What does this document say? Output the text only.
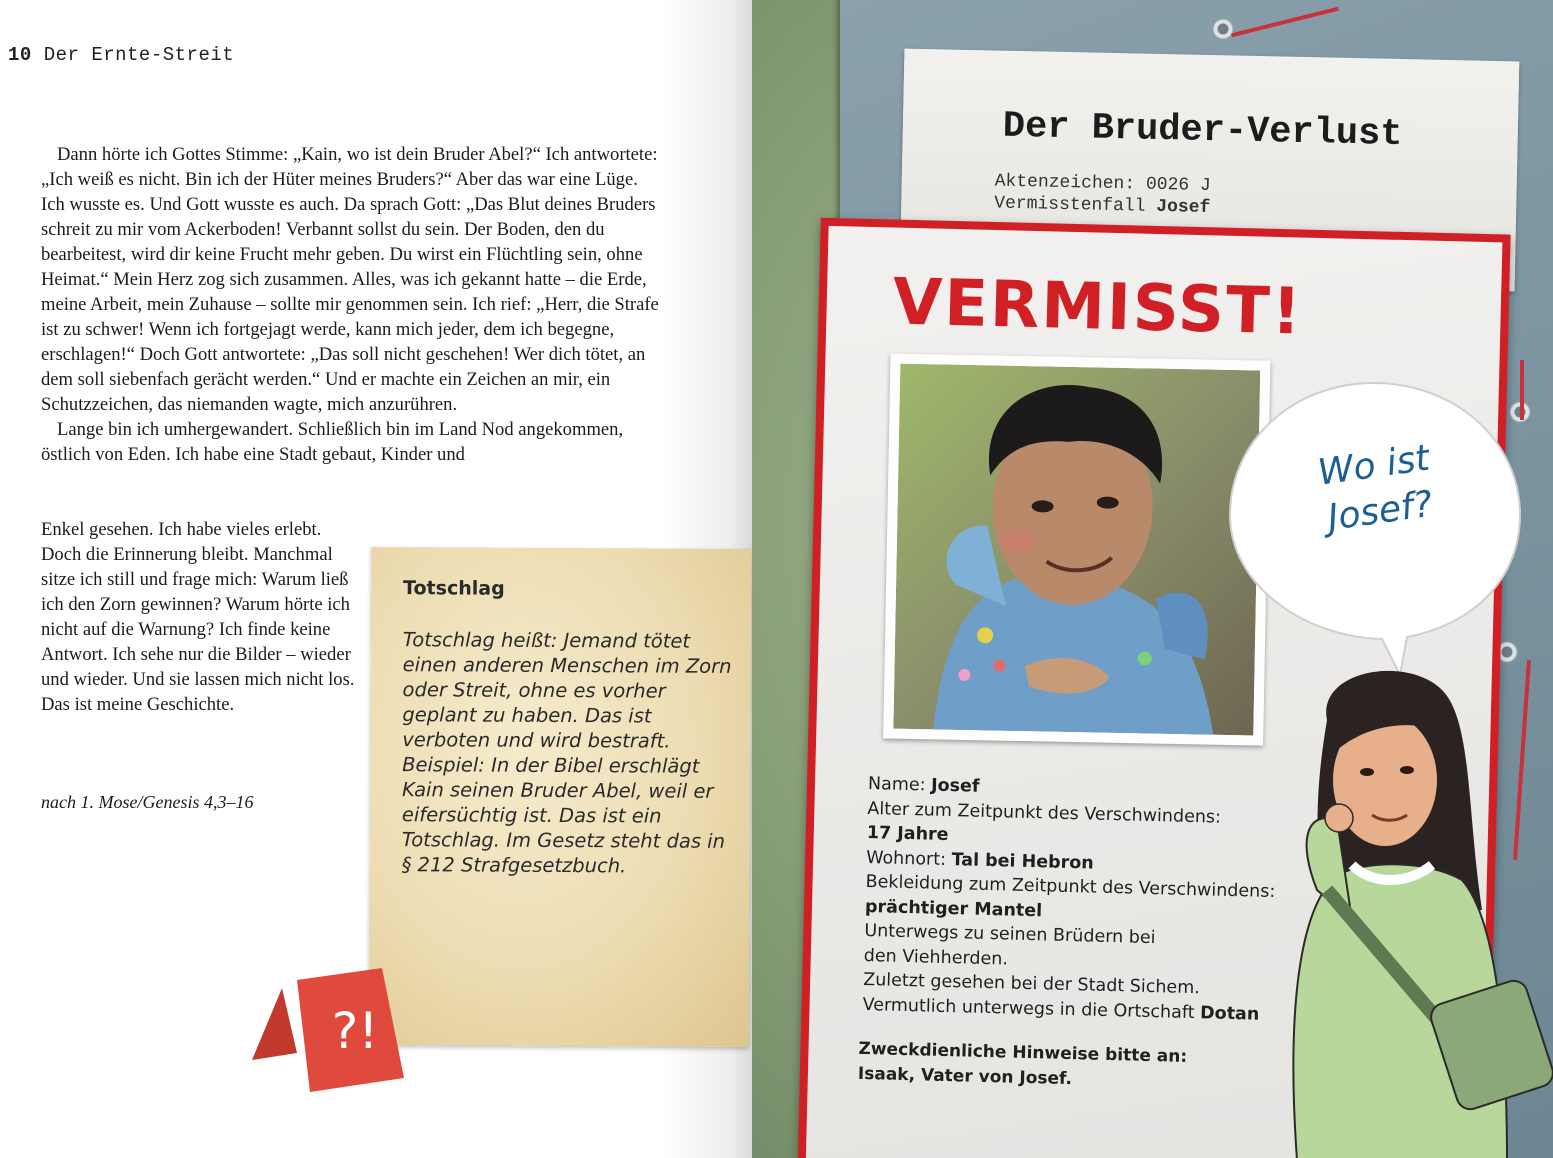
10 Der Ernte-Streit

Dann hörte ich Gottes Stimme: „Kain, wo ist dein Bruder Abel?“ Ich antwortete: „Ich weiß es nicht. Bin ich der Hüter meines Bruders?“ Aber das war eine Lüge. Ich wusste es. Und Gott wusste es auch. Da sprach Gott: „Das Blut deines Bruders schreit zu mir vom Ackerboden! Verbannt sollst du sein. Der Boden, den du bearbeitest, wird dir keine Frucht mehr geben. Du wirst ein Flüchtling sein, ohne Heimat.“ Mein Herz zog sich zusammen. Alles, was ich gekannt hatte – die Erde, meine Arbeit, mein Zuhause – sollte mir genommen sein. Ich rief: „Herr, die Strafe ist zu schwer! Wenn ich fortgejagt werde, kann mich jeder, dem ich begegne, erschlagen!“ Doch Gott antwortete: „Das soll nicht geschehen! Wer dich tötet, an dem soll siebenfach gerächt werden.“ Und er machte ein Zeichen an mir, ein Schutzzeichen, das niemanden wagte, mich anzurühren.

Lange bin ich umhergewandert. Schließlich bin im Land Nod angekommen, östlich von Eden. Ich habe eine Stadt gebaut, Kinder und

Enkel gesehen. Ich habe vieles erlebt. Doch die Erinnerung bleibt. Manchmal sitze ich still und frage mich: Warum ließ ich den Zorn gewinnen? Warum hörte ich nicht auf die Warnung? Ich finde keine Antwort. Ich sehe nur die Bilder – wieder und wieder. Und sie lassen mich nicht los. Das ist meine Geschichte.
nach 1. Mose/Genesis 4,3–16
Totschlag
Totschlag heißt: Jemand tötet einen anderen Menschen im Zorn oder Streit, ohne es vorher geplant zu haben. Das ist verboten und wird bestraft. Beispiel: In der Bibel erschlägt Kain seinen Bruder Abel, weil er eifersüchtig ist. Das ist ein Totschlag. Im Gesetz steht das in § 212 Strafgesetzbuch.
?!
Der Bruder-Verlust
Aktenzeichen: 0026 J
Vermisstenfall Josef
VERMISST!
Name: Josef
Alter zum Zeitpunkt des Verschwindens:
17 Jahre
Wohnort: Tal bei Hebron
Bekleidung zum Zeitpunkt des Verschwindens:
prächtiger Mantel
Unterwegs zu seinen Brüdern bei
den Viehherden.
Zuletzt gesehen bei der Stadt Sichem.
Vermutlich unterwegs in die Ortschaft Dotan
Zweckdienliche Hinweise bitte an:
Isaak, Vater von Josef.
Wo ist
Josef?
